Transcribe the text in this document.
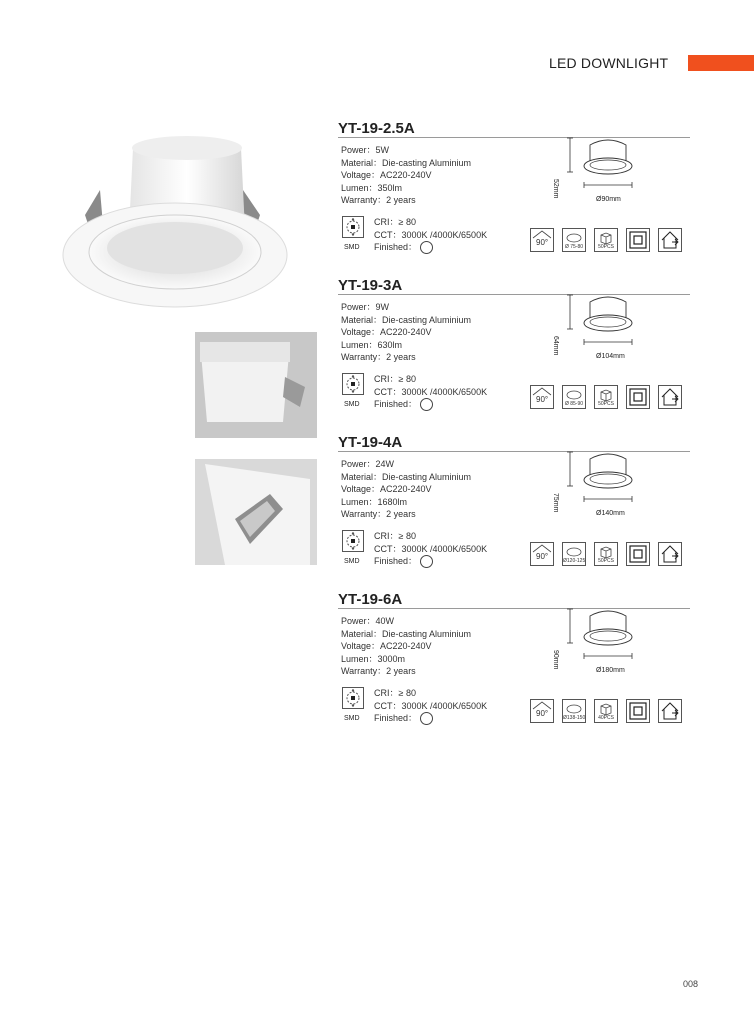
LED DOWNLIGHT
YT-19-2.5A
Power：5W
Material：Die-casting Aluminium
Voltage：AC220-240V
Lumen：350lm
Warranty：2 years
SMD
CRI：≥ 80
CCT：3000K /4000K/6500K
Finished：
52mm
Ø90mm
90°	Ø 75-80	50PCS
YT-19-3A
Power：9W
Material：Die-casting Aluminium
Voltage：AC220-240V
Lumen：630lm
Warranty：2 years
SMD
CRI：≥ 80
CCT：3000K /4000K/6500K
Finished：
64mm
Ø104mm
90°	Ø 85-90	50PCS
YT-19-4A
Power：24W
Material：Die-casting Aluminium
Voltage：AC220-240V
Lumen：1680lm
Warranty：2 years
SMD
CRI：≥ 80
CCT：3000K /4000K/6500K
Finished：
75mm
Ø140mm
90°	Ø120-125	50PCS
YT-19-6A
Power：40W
Material：Die-casting Aluminium
Voltage：AC220-240V
Lumen：3000m
Warranty：2 years
SMD
CRI：≥ 80
CCT：3000K /4000K/6500K
Finished：
90mm
Ø180mm
90°	Ø138-150	40PCS
008
